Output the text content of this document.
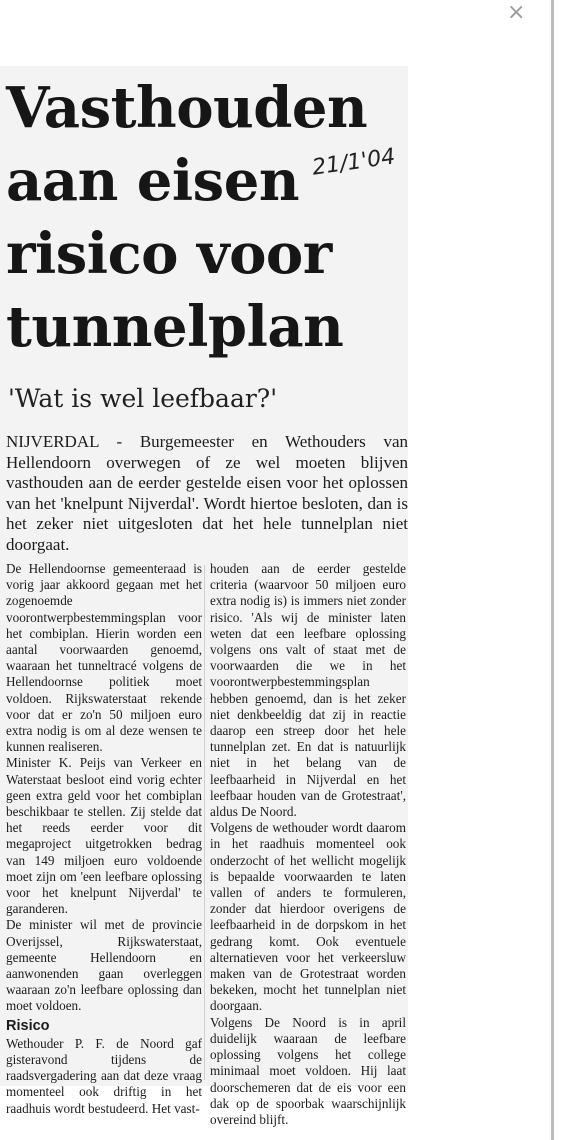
×
Vasthouden
aan eisen
risico voor
tunnelplan
21/1'04
'Wat is wel leefbaar?'
NIJVERDAL - Burgemeester en Wethouders van Hellendoorn overwegen of ze wel moeten blijven vasthouden aan de eerder gestelde eisen voor het oplossen van het 'knelpunt Nijverdal'. Wordt hiertoe besloten, dan is het zeker niet uitgesloten dat het hele tunnelplan niet doorgaat.

De Hellendoornse gemeenteraad is vorig jaar akkoord gegaan met het zogenoemde voorontwerpbestemmingsplan voor het combiplan. Hierin worden een aantal voorwaarden genoemd, waaraan het tunneltracé volgens de Hellendoornse politiek moet voldoen. Rijkswaterstaat rekende voor dat er zo'n 50 miljoen euro extra nodig is om al deze wensen te kunnen realiseren.

Minister K. Peijs van Verkeer en Waterstaat besloot eind vorig echter geen extra geld voor het combiplan beschikbaar te stellen. Zij stelde dat het reeds eerder voor dit megaproject uitgetrokken bedrag van 149 miljoen euro voldoende moet zijn om 'een leefbare oplossing voor het knelpunt Nijverdal' te garanderen.

De minister wil met de provincie Overijssel, Rijkswaterstaat, gemeente Hellendoorn en aanwonenden gaan overleggen waaraan zo'n leefbare oplossing dan moet voldoen.

Risico

Wethouder P. F. de Noord gaf gisteravond tijdens de raadsvergadering aan dat deze vraag momenteel ook driftig in het raadhuis wordt bestudeerd. Het vast-

houden aan de eerder gestelde criteria (waarvoor 50 miljoen euro extra nodig is) is immers niet zonder risico. 'Als wij de minister laten weten dat een leefbare oplossing volgens ons valt of staat met de voorwaarden die we in het voorontwerpbestemmingsplan hebben genoemd, dan is het zeker niet denkbeeldig dat zij in reactie daarop een streep door het hele tunnelplan zet. En dat is natuurlijk niet in het belang van de leefbaarheid in Nijverdal en het leefbaar houden van de Grotestraat', aldus De Noord.

Volgens de wethouder wordt daarom in het raadhuis momenteel ook onderzocht of het wellicht mogelijk is bepaalde voorwaarden te laten vallen of anders te formuleren, zonder dat hierdoor overigens de leefbaarheid in de dorpskom in het gedrang komt. Ook eventuele alternatieven voor het verkeersluw maken van de Grotestraat worden bekeken, mocht het tunnelplan niet doorgaan.

Volgens De Noord is in april duidelijk waaraan de leefbare oplossing volgens het college minimaal moet voldoen. Hij laat doorschemeren dat de eis voor een dak op de spoorbak waarschijnlijk overeind blijft.
